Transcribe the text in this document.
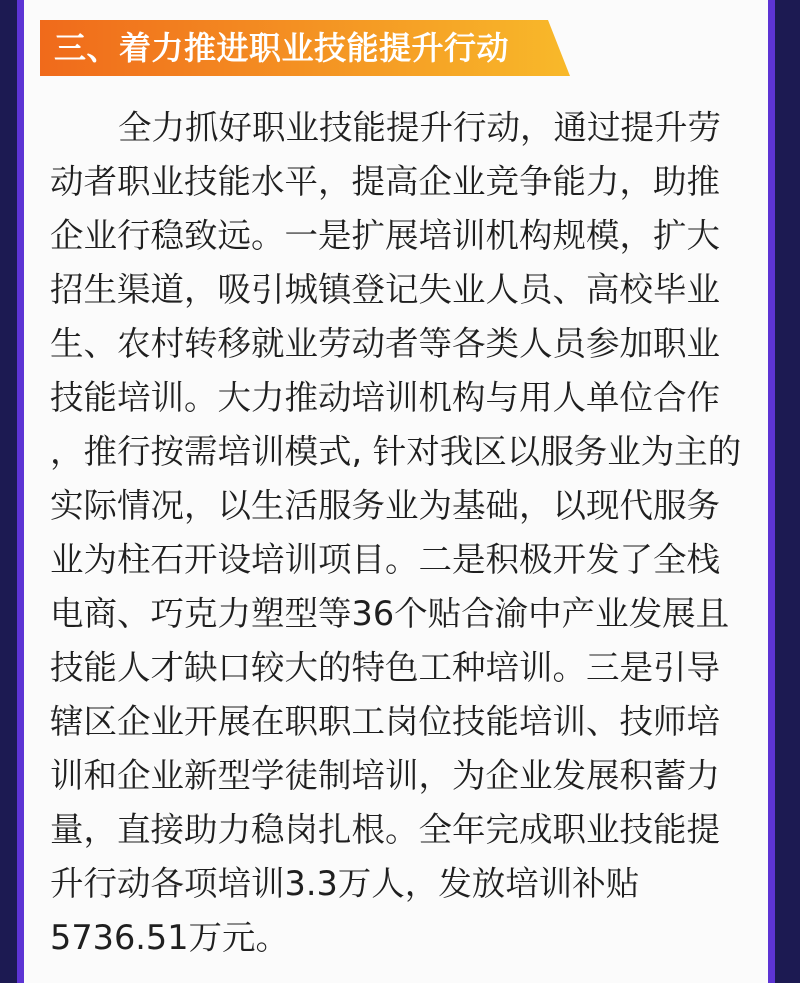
三、着力推进职业技能提升行动
全力抓好职业技能提升行动，通过提升劳
动者职业技能水平，提高企业竞争能力，助推
企业行稳致远。一是扩展培训机构规模，扩大
招生渠道，吸引城镇登记失业人员、高校毕业
生、农村转移就业劳动者等各类人员参加职业
技能培训。大力推动培训机构与用人单位合作
，推行按需培训模式, 针对我区以服务业为主的
实际情况，以生活服务业为基础，以现代服务
业为柱石开设培训项目。二是积极开发了全栈
电商、巧克力塑型等36个贴合渝中产业发展且
技能人才缺口较大的特色工种培训。三是引导
辖区企业开展在职职工岗位技能培训、技师培
训和企业新型学徒制培训，为企业发展积蓄力
量，直接助力稳岗扎根。全年完成职业技能提
升行动各项培训3.3万人，发放培训补贴
5736.51万元。
